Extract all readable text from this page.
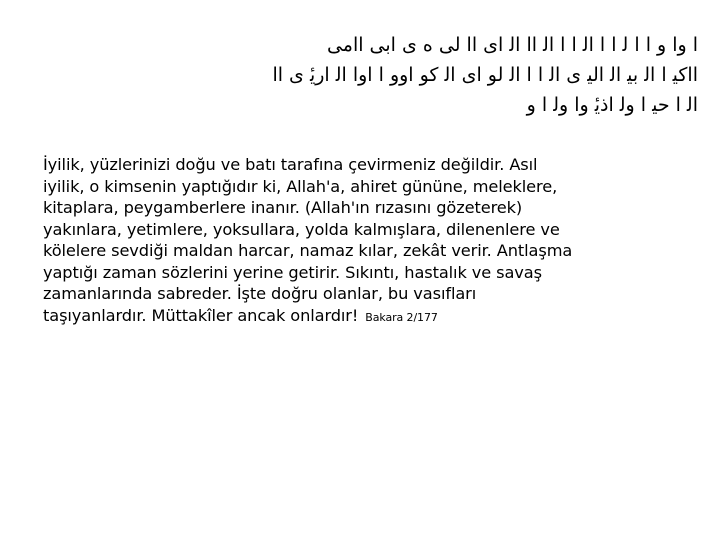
ا وا و ا ا ﻟ ا ا ﺍﻟ ا ا ﺍﻟ ﺍﺍ ﺍﻟ اى ﺍﺍ ﻟﻰ ﻩ ى ﺍﺑﻰ ﺍﺍﻣﻰ
ﺍﺍﻛﻴ ا ﺍﻟ ﺑﻴ ﺍﻟ ﺍﻟﻴ ى ﺍﻟ ا ا ﺍﻟ ﻟﻮ اى ﺍﻟ ﻛﻮ ﺍﻭﻭ ا ﺍﻭﺍ ﺍﻟ ﺍﺭﻳٔ ى ﺍﺍ
ﺍﻟ ا ﺣﻴ ا ﻭﻟ ﺍﺫﻳٔ ﻭﺍ ﻭﻟ ا ﻭ
İyilik, yüzlerinizi doğu ve batı tarafına çevirmeniz değildir. Asıl
iyilik, o kimsenin yaptığıdır ki, Allah'a, ahiret gününe, meleklere,
kitaplara, peygamberlere inanır. (Allah'ın rızasını gözeterek)
yakınlara, yetimlere, yoksullara, yolda kalmışlara, dilenenlere ve
kölelere sevdiği maldan harcar, namaz kılar, zekât verir. Antlaşma
yaptığı zaman sözlerini yerine getirir. Sıkıntı, hastalık ve savaş
zamanlarında sabreder. İşte doğru olanlar, bu vasıfları
taşıyanlardır. Müttakîler ancak onlardır! Bakara 2/177
